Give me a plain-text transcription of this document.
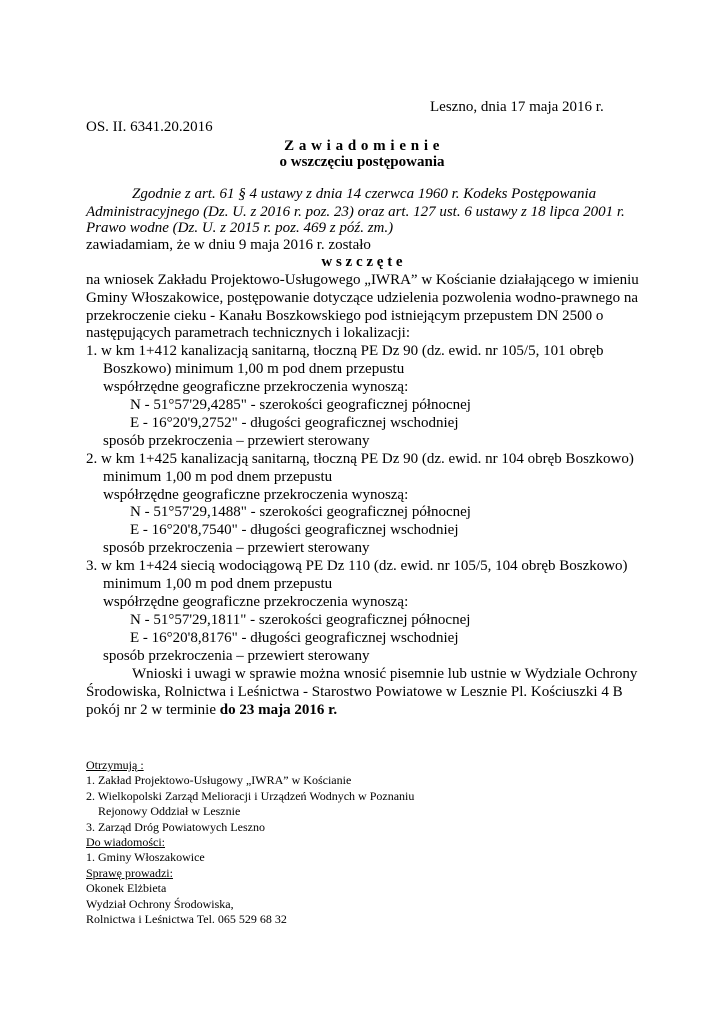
Leszno, dnia 17 maja 2016 r.
OS. II. 6341.20.2016
Z a w i a d o m i e n i e
o wszczęciu postępowania
Zgodnie z art. 61 § 4 ustawy z dnia 14 czerwca 1960 r. Kodeks Postępowania
Administracyjnego (Dz. U. z 2016 r. poz. 23) oraz art. 127 ust. 6 ustawy z 18 lipca 2001 r.
Prawo wodne (Dz. U. z 2015 r. poz. 469 z póź. zm.)
zawiadamiam, że w dniu 9 maja 2016 r. zostało
w s z c z ę t e
na wniosek Zakładu Projektowo-Usługowego „IWRA” w Kościanie działającego w imieniu
Gminy Włoszakowice, postępowanie dotyczące udzielenia pozwolenia wodno-prawnego na
przekroczenie cieku - Kanału Boszkowskiego pod istniejącym przepustem DN 2500 o
następujących parametrach technicznych i lokalizacji:
1. w km 1+412 kanalizacją sanitarną, tłoczną PE Dz 90 (dz. ewid. nr 105/5, 101 obręb
Boszkowo) minimum 1,00 m pod dnem przepustu
współrzędne geograficzne przekroczenia wynoszą:
N - 51°57'29,4285" - szerokości geograficznej północnej
E - 16°20'9,2752" - długości geograficznej wschodniej
sposób przekroczenia – przewiert sterowany
2. w km 1+425 kanalizacją sanitarną, tłoczną PE Dz 90 (dz. ewid. nr 104 obręb Boszkowo)
minimum 1,00 m pod dnem przepustu
współrzędne geograficzne przekroczenia wynoszą:
N - 51°57'29,1488" - szerokości geograficznej północnej
E - 16°20'8,7540" - długości geograficznej wschodniej
sposób przekroczenia – przewiert sterowany
3. w km 1+424 siecią wodociągową PE Dz 110 (dz. ewid. nr 105/5, 104 obręb Boszkowo)
minimum 1,00 m pod dnem przepustu
współrzędne geograficzne przekroczenia wynoszą:
N - 51°57'29,1811" - szerokości geograficznej północnej
E - 16°20'8,8176" - długości geograficznej wschodniej
sposób przekroczenia – przewiert sterowany
Wnioski i uwagi w sprawie można wnosić pisemnie lub ustnie w Wydziale Ochrony
Środowiska, Rolnictwa i Leśnictwa - Starostwo Powiatowe w Lesznie Pl. Kościuszki 4 B
pokój nr 2 w terminie do 23 maja 2016 r.
Otrzymują :
1. Zakład Projektowo-Usługowy „IWRA” w Kościanie
2. Wielkopolski Zarząd Melioracji i Urządzeń Wodnych w Poznaniu
Rejonowy Oddział w Lesznie
3. Zarząd Dróg Powiatowych Leszno
Do wiadomości:
1. Gminy Włoszakowice
Sprawę prowadzi:
Okonek Elżbieta
Wydział Ochrony Środowiska,
Rolnictwa i Leśnictwa Tel. 065 529 68 32
